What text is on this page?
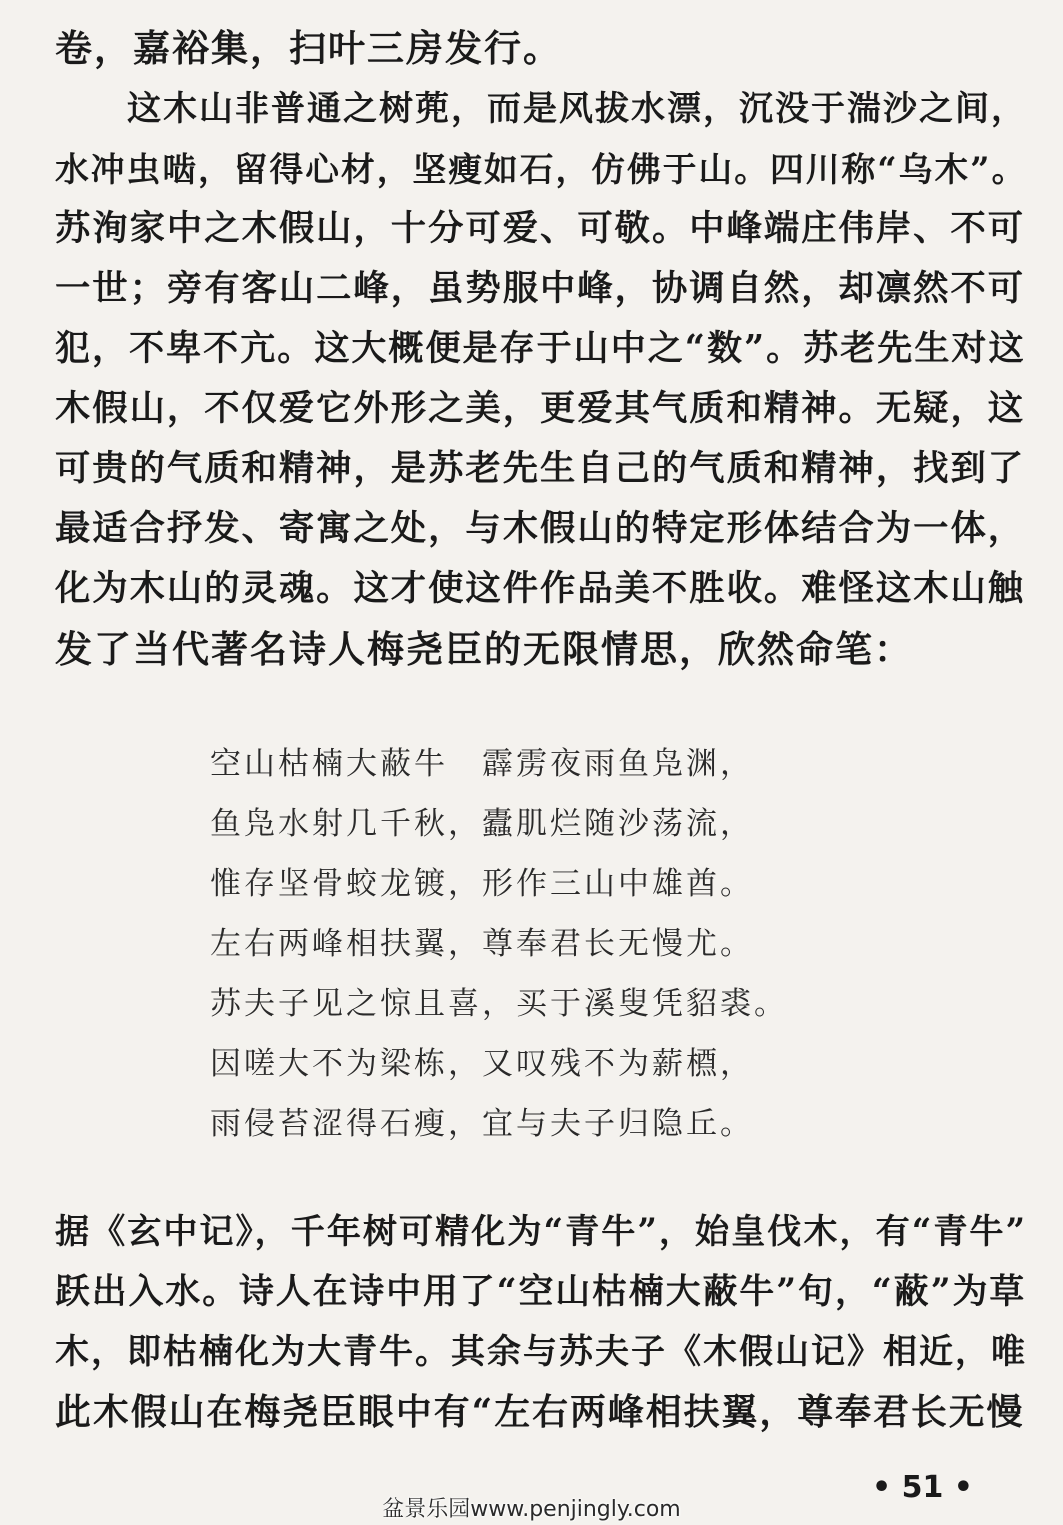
卷，嘉裕集，扫叶三房发行。
　　这木山非普通之树蔸，而是风拔水漂，沉没于湍沙之间，
水冲虫啮，留得心材，坚瘦如石，仿佛于山。四川称“乌木”。
苏洵家中之木假山，十分可爱、可敬。中峰端庄伟岸、不可
一世；旁有客山二峰，虽势服中峰，协调自然，却凛然不可
犯，不卑不亢。这大概便是存于山中之“数”。苏老先生对这
木假山，不仅爱它外形之美，更爱其气质和精神。无疑，这
可贵的气质和精神，是苏老先生自己的气质和精神，找到了
最适合抒发、寄寓之处，与木假山的特定形体结合为一体，
化为木山的灵魂。这才使这件作品美不胜收。难怪这木山触
发了当代著名诗人梅尧臣的无限情思，欣然命笔：
空山枯楠大蔽牛　霹雳夜雨鱼凫渊，
鱼凫水射几千秋，蠹肌烂随沙荡流，
惟存坚骨蛟龙镀，形作三山中雄酋。
左右两峰相扶翼，尊奉君长无慢尤。
苏夫子见之惊且喜，买于溪叟凭貂裘。
因嗟大不为梁栋，又叹残不为薪槱，
雨侵苔涩得石瘦，宜与夫子归隐丘。
据《玄中记》，千年树可精化为“青牛”，始皇伐木，有“青牛”
跃出入水。诗人在诗中用了“空山枯楠大蔽牛”句，“蔽”为草
木，即枯楠化为大青牛。其余与苏夫子《木假山记》相近，唯
此木假山在梅尧臣眼中有“左右两峰相扶翼，尊奉君长无慢
• 51 •
盆景乐园www.penjingly.com
